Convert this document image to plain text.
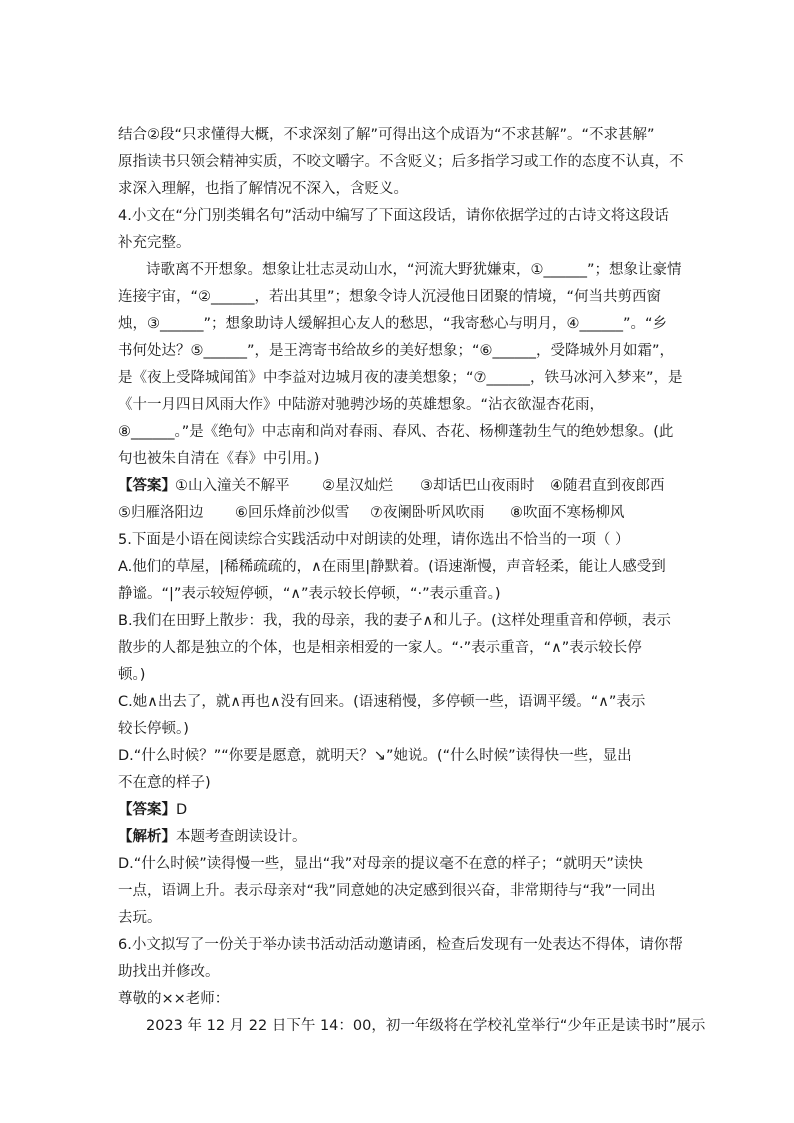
结合②段“只求懂得大概，不求深刻了解”可得出这个成语为“不求甚解”。“不求甚解”
原指读书只领会精神实质，不咬文嚼字。不含贬义；后多指学习或工作的态度不认真，不
求深入理解，也指了解情况不深入，含贬义。
4.小文在“分门别类辑名句”活动中编写了下面这段话，请你依据学过的古诗文将这段话
补充完整。
诗歌离不开想象。想象让壮志灵动山水，“河流大野犹嫌束，①______”；想象让豪情
连接宇宙，“②______，若出其里”；想象令诗人沉浸他日团聚的情境，“何当共剪西窗
烛，③______”；想象助诗人缓解担心友人的愁思，“我寄愁心与明月，④______”。“乡
书何处达？⑤______”，是王湾寄书给故乡的美好想象；“⑥______，受降城外月如霜”，
是《夜上受降城闻笛》中李益对边城月夜的凄美想象；“⑦______，铁马冰河入梦来”，是
《十一月四日风雨大作》中陆游对驰骋沙场的英雄想象。“沾衣欲湿杏花雨，
⑧______。”是《绝句》中志南和尚对春雨、春风、杏花、杨柳蓬勃生气的绝妙想象。(此
句也被朱自清在《春》中引用。)
【答案】 ①山入潼关不解平 ②星汉灿烂 ③却话巴山夜雨时 ④随君直到夜郎西
⑤归雁洛阳边 ⑥回乐烽前沙似雪 ⑦夜阑卧听风吹雨 ⑧吹面不寒杨柳风
5.下面是小语在阅读综合实践活动中对朗读的处理，请你选出不恰当的一项（ ）
A.他们的草屋，|稀稀疏疏的，∧在雨里|静默着。(语速渐慢，声音轻柔，能让人感受到
静谧。“|”表示较短停顿，“∧”表示较长停顿，“·”表示重音。)
B.我们在田野上散步：我，我的母亲，我的妻子∧和儿子。(这样处理重音和停顿，表示
散步的人都是独立的个体，也是相亲相爱的一家人。“·”表示重音，“∧”表示较长停
顿。)
C.她∧出去了，就∧再也∧没有回来。(语速稍慢，多停顿一些，语调平缓。“∧”表示
较长停顿。)
D.“什么时候？”“你要是愿意，就明天？↘”她说。(“什么时候”读得快一些，显出
不在意的样子)
【答案】D
【解析】本题考查朗读设计。
D.“什么时候”读得慢一些，显出“我”对母亲的提议毫不在意的样子；“就明天”读快
一点，语调上升。表示母亲对“我”同意她的决定感到很兴奋，非常期待与“我”一同出
去玩。
6.小文拟写了一份关于举办读书活动活动邀请函，检查后发现有一处表达不得体，请你帮
助找出并修改。
尊敬的××老师：
2023 年 12 月 22 日下午 14：00，初一年级将在学校礼堂举行“少年正是读书时”展示
